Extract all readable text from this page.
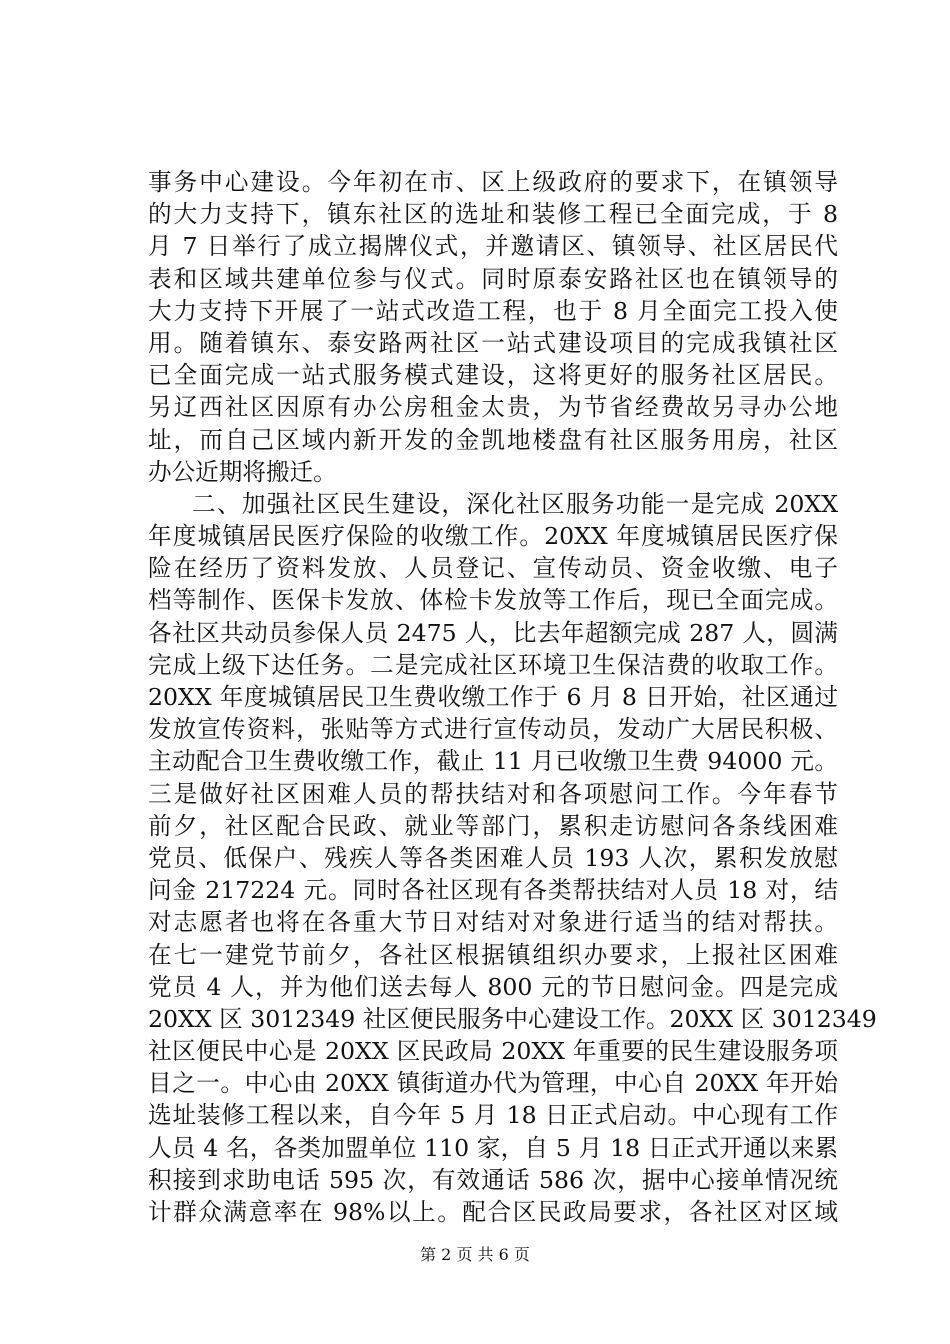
事务中心建设。今年初在市、区上级政府的要求下，在镇领导
的大力支持下，镇东社区的选址和装修工程已全面完成，于 8
月 7 日举行了成立揭牌仪式，并邀请区、镇领导、社区居民代
表和区域共建单位参与仪式。同时原泰安路社区也在镇领导的
大力支持下开展了一站式改造工程，也于 8 月全面完工投入使
用。随着镇东、泰安路两社区一站式建设项目的完成我镇社区
已全面完成一站式服务模式建设，这将更好的服务社区居民。
另辽西社区因原有办公房租金太贵，为节省经费故另寻办公地
址，而自己区域内新开发的金凯地楼盘有社区服务用房，社区
办公近期将搬迁。
二、加强社区民生建设，深化社区服务功能一是完成 20XX
年度城镇居民医疗保险的收缴工作。20XX 年度城镇居民医疗保
险在经历了资料发放、人员登记、宣传动员、资金收缴、电子
档等制作、医保卡发放、体检卡发放等工作后，现已全面完成。
各社区共动员参保人员 2475 人，比去年超额完成 287 人，圆满
完成上级下达任务。二是完成社区环境卫生保洁费的收取工作。
20XX 年度城镇居民卫生费收缴工作于 6 月 8 日开始，社区通过
发放宣传资料，张贴等方式进行宣传动员，发动广大居民积极、
主动配合卫生费收缴工作，截止 11 月已收缴卫生费 94000 元。
三是做好社区困难人员的帮扶结对和各项慰问工作。今年春节
前夕，社区配合民政、就业等部门，累积走访慰问各条线困难
党员、低保户、残疾人等各类困难人员 193 人次，累积发放慰
问金 217224 元。同时各社区现有各类帮扶结对人员 18 对，结
对志愿者也将在各重大节日对结对对象进行适当的结对帮扶。
在七一建党节前夕，各社区根据镇组织办要求，上报社区困难
党员 4 人，并为他们送去每人 800 元的节日慰问金。四是完成
20XX 区 3012349 社区便民服务中心建设工作。20XX 区 3012349
社区便民中心是 20XX 区民政局 20XX 年重要的民生建设服务项
目之一。中心由 20XX 镇街道办代为管理，中心自 20XX 年开始
选址装修工程以来，自今年 5 月 18 日正式启动。中心现有工作
人员 4 名，各类加盟单位 110 家，自 5 月 18 日正式开通以来累
积接到求助电话 595 次，有效通话 586 次，据中心接单情况统
计群众满意率在 98%以上。配合区民政局要求，各社区对区域
第 2 页 共 6 页
